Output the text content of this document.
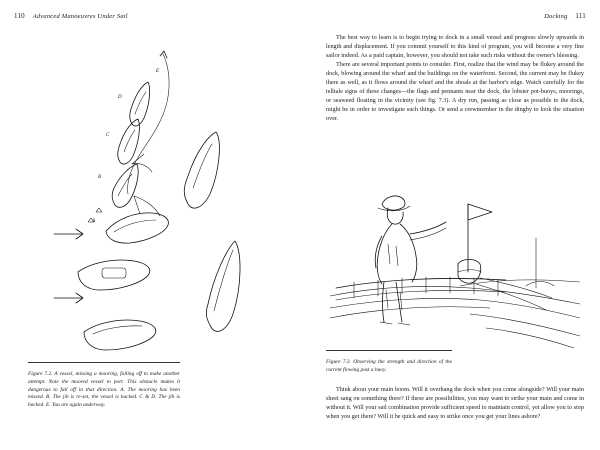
110 Advanced Manoeuvres Under Sail	Docking 111
E
D
C
B
A

Figure 7.2. A vessel, missing a mooring, falling off to make another attempt. Note the moored vessel to port. This obstacle makes it dangerous to fall off in that direction. A. The mooring has been missed. B. The jib is re-set, the vessel is backed. C & D. The jib is backed. E. You are again underway.

The best way to learn is to begin trying to dock in a small vessel and progress slowly upwards in length and displacement. If you commit yourself to this kind of program, you will become a very fine sailor indeed. As a paid captain, however, you should not take such risks without the owner's blessing.

There are several important points to consider. First, realize that the wind may be flukey around the dock, blowing around the wharf and the buildings on the waterfront. Second, the current may be flukey there as well, as it flows around the wharf and the shoals at the harbor's edge. Watch carefully for the telltale signs of these changes—the flags and pennants near the dock, the lobster pot-buoys, moorings, or seaweed floating in the vicinity (see fig. 7.3). A dry run, passing as close as possible to the dock, might be in order to investigate such things. Or send a crewmember in the dinghy to look the situation over.

Figure 7.3. Observing the strength and direction of the current flowing past a buoy.

Think about your main boom. Will it overhang the dock when you come alongside? Will your main sheet sang on something there? If these are possibilities, you may want to strike your main and come in without it. Will your sail combination provide sufficient speed to maintain control, yet allow you to stop when you get there? Will it be quick and easy to strike once you get your lines ashore?
